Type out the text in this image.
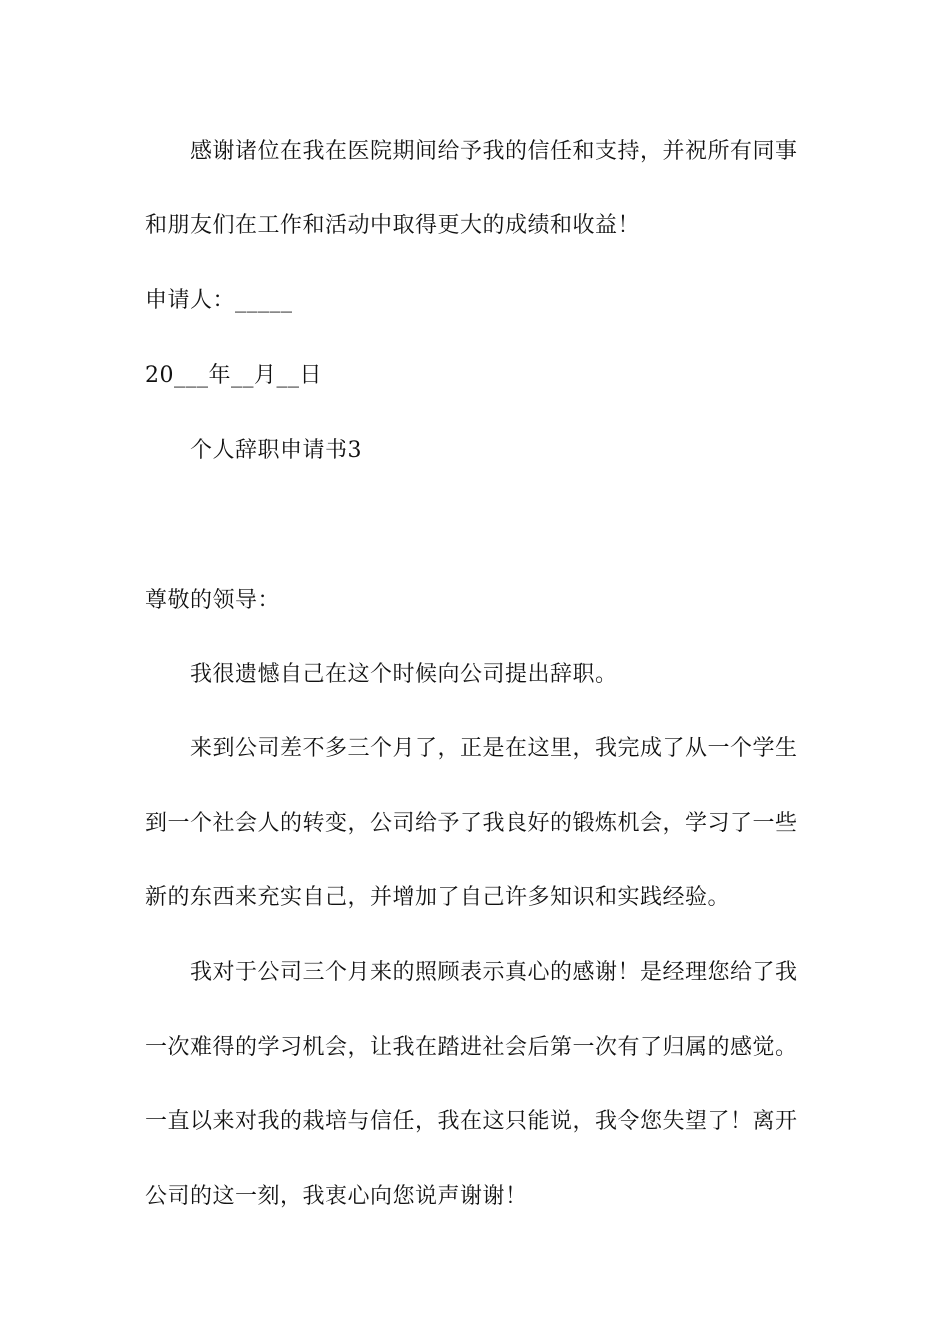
感谢诸位在我在医院期间给予我的信任和支持，并祝所有同事
和朋友们在工作和活动中取得更大的成绩和收益！
申请人：_____
20___年__月__日
个人辞职申请书3
尊敬的领导：
我很遗憾自己在这个时候向公司提出辞职。
来到公司差不多三个月了，正是在这里，我完成了从一个学生
到一个社会人的转变，公司给予了我良好的锻炼机会，学习了一些
新的东西来充实自己，并增加了自己许多知识和实践经验。
我对于公司三个月来的照顾表示真心的感谢！是经理您给了我
一次难得的学习机会，让我在踏进社会后第一次有了归属的感觉。
一直以来对我的栽培与信任，我在这只能说，我令您失望了！离开
公司的这一刻，我衷心向您说声谢谢！
